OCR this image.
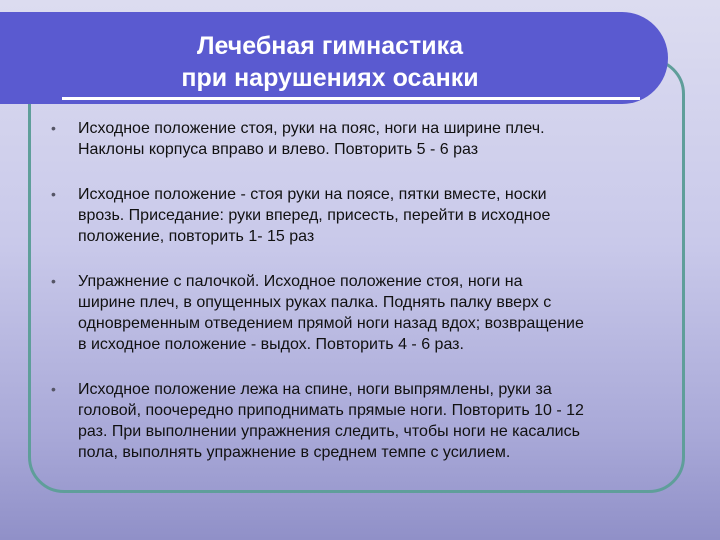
Лечебная гимнастика
при нарушениях осанки
• Исходное положение стоя, руки на пояс, ноги на ширине плеч.
Наклоны корпуса вправо и влево. Повторить 5 - 6 раз
• Исходное положение - стоя руки на поясе, пятки вместе, носки
врозь. Приседание: руки вперед, присесть, перейти в исходное
положение, повторить 1- 15 раз
• Упражнение с палочкой. Исходное положение стоя, ноги на
ширине плеч, в опущенных руках палка. Поднять палку вверх с
одновременным отведением прямой ноги назад вдох; возвращение
в исходное положение - выдох. Повторить 4 - 6 раз.
• Исходное положение лежа на спине, ноги выпрямлены, руки за
головой, поочередно приподнимать прямые ноги. Повторить 10 - 12
раз. При выполнении упражнения следить, чтобы ноги не касались
пола, выполнять упражнение в среднем темпе с усилием.
